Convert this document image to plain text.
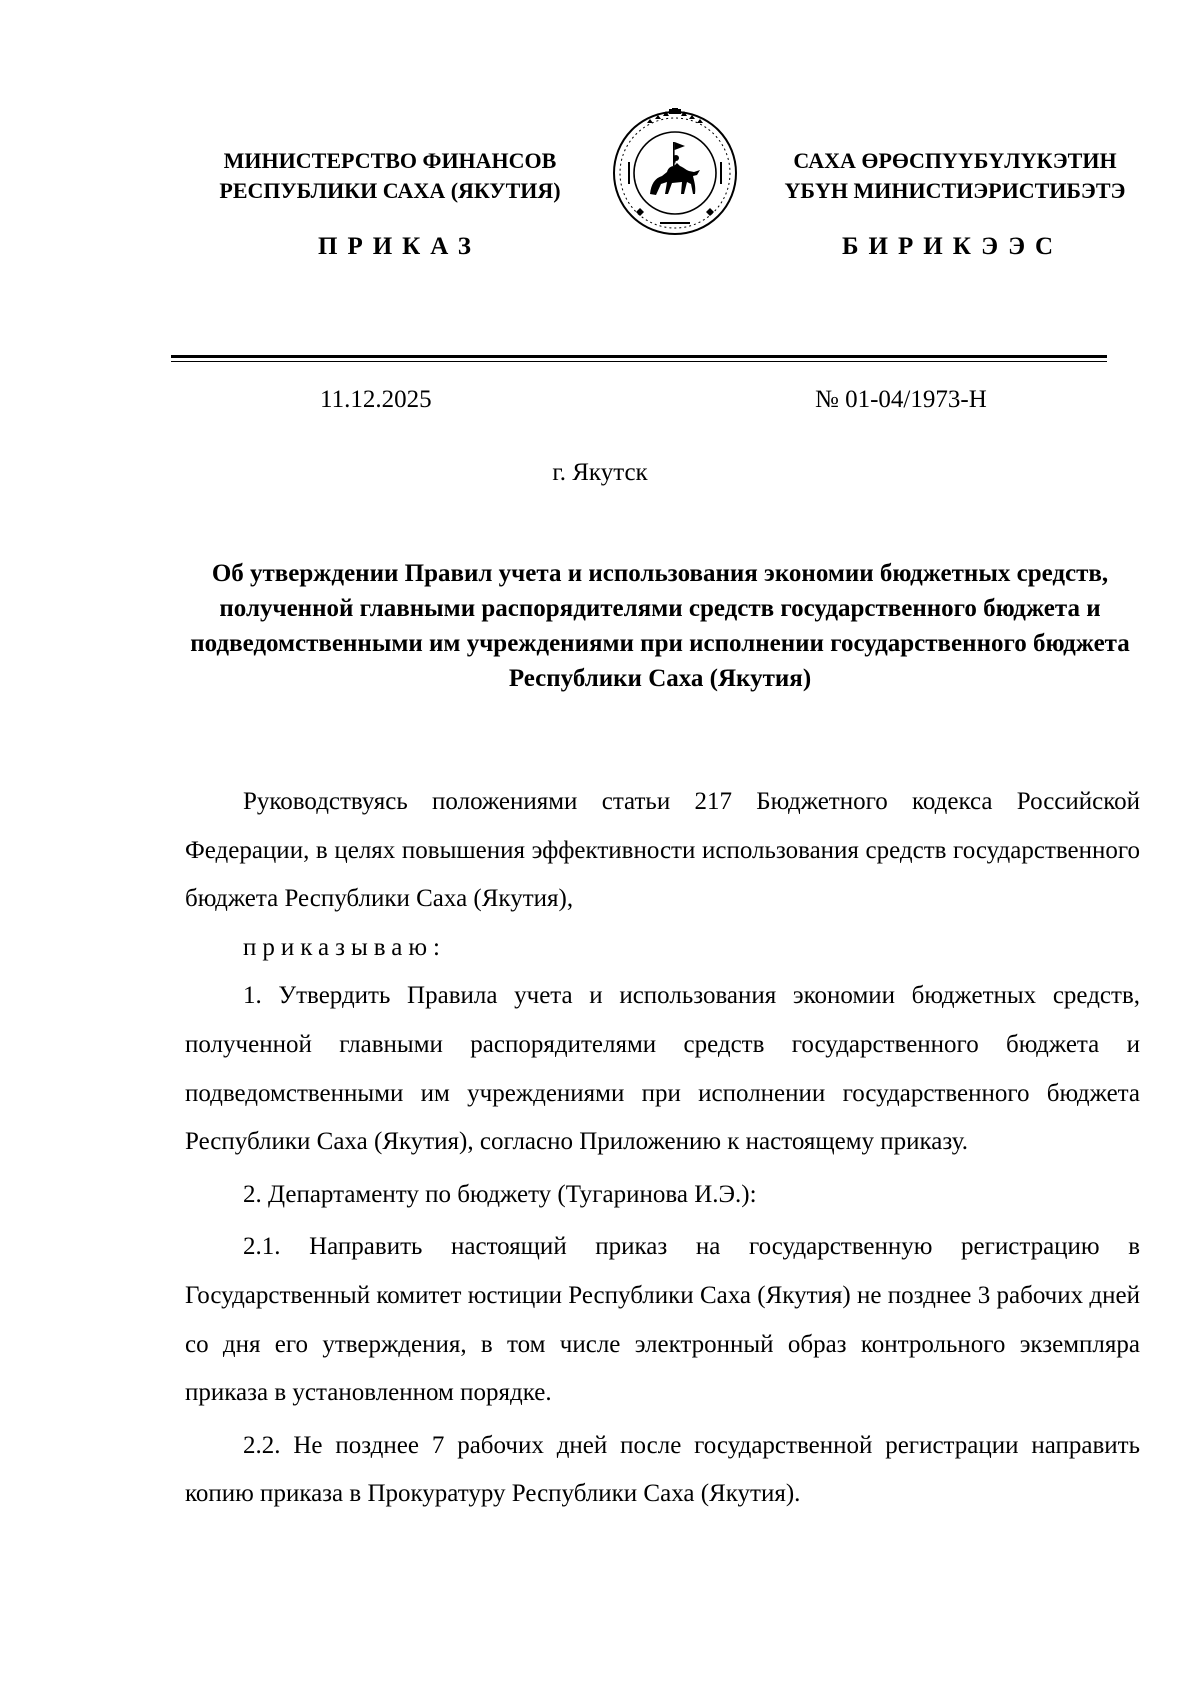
МИНИСТЕРСТВО ФИНАНСОВ
РЕСПУБЛИКИ САХА (ЯКУТИЯ)
САХА ӨРӨСПҮҮБҮЛҮКЭТИН
ҮБҮН МИНИСТИЭРИСТИБЭТЭ
ПРИКАЗ	БИРИКЭЭС
11.12.2025	№ 01-04/1973-Н
г. Якутск
Об утверждении Правил учета и использования экономии бюджетных средств, полученной главными распорядителями средств государственного бюджета и подведомственными им учреждениями при исполнении государственного бюджета Республики Саха (Якутия)

Руководствуясь положениями статьи 217 Бюджетного кодекса Российской Федерации, в целях повышения эффективности использования средств государственного бюджета Республики Саха (Якутия),

приказываю:

1. Утвердить Правила учета и использования экономии бюджетных средств, полученной главными распорядителями средств государственного бюджета и подведомственными им учреждениями при исполнении государственного бюджета Республики Саха (Якутия), согласно Приложению к настоящему приказу.

2. Департаменту по бюджету (Тугаринова И.Э.):

2.1. Направить настоящий приказ на государственную регистрацию в Государственный комитет юстиции Республики Саха (Якутия) не позднее 3 рабочих дней со дня его утверждения, в том числе электронный образ контрольного экземпляра приказа в установленном порядке.

2.2. Не позднее 7 рабочих дней после государственной регистрации направить копию приказа в Прокуратуру Республики Саха (Якутия).
